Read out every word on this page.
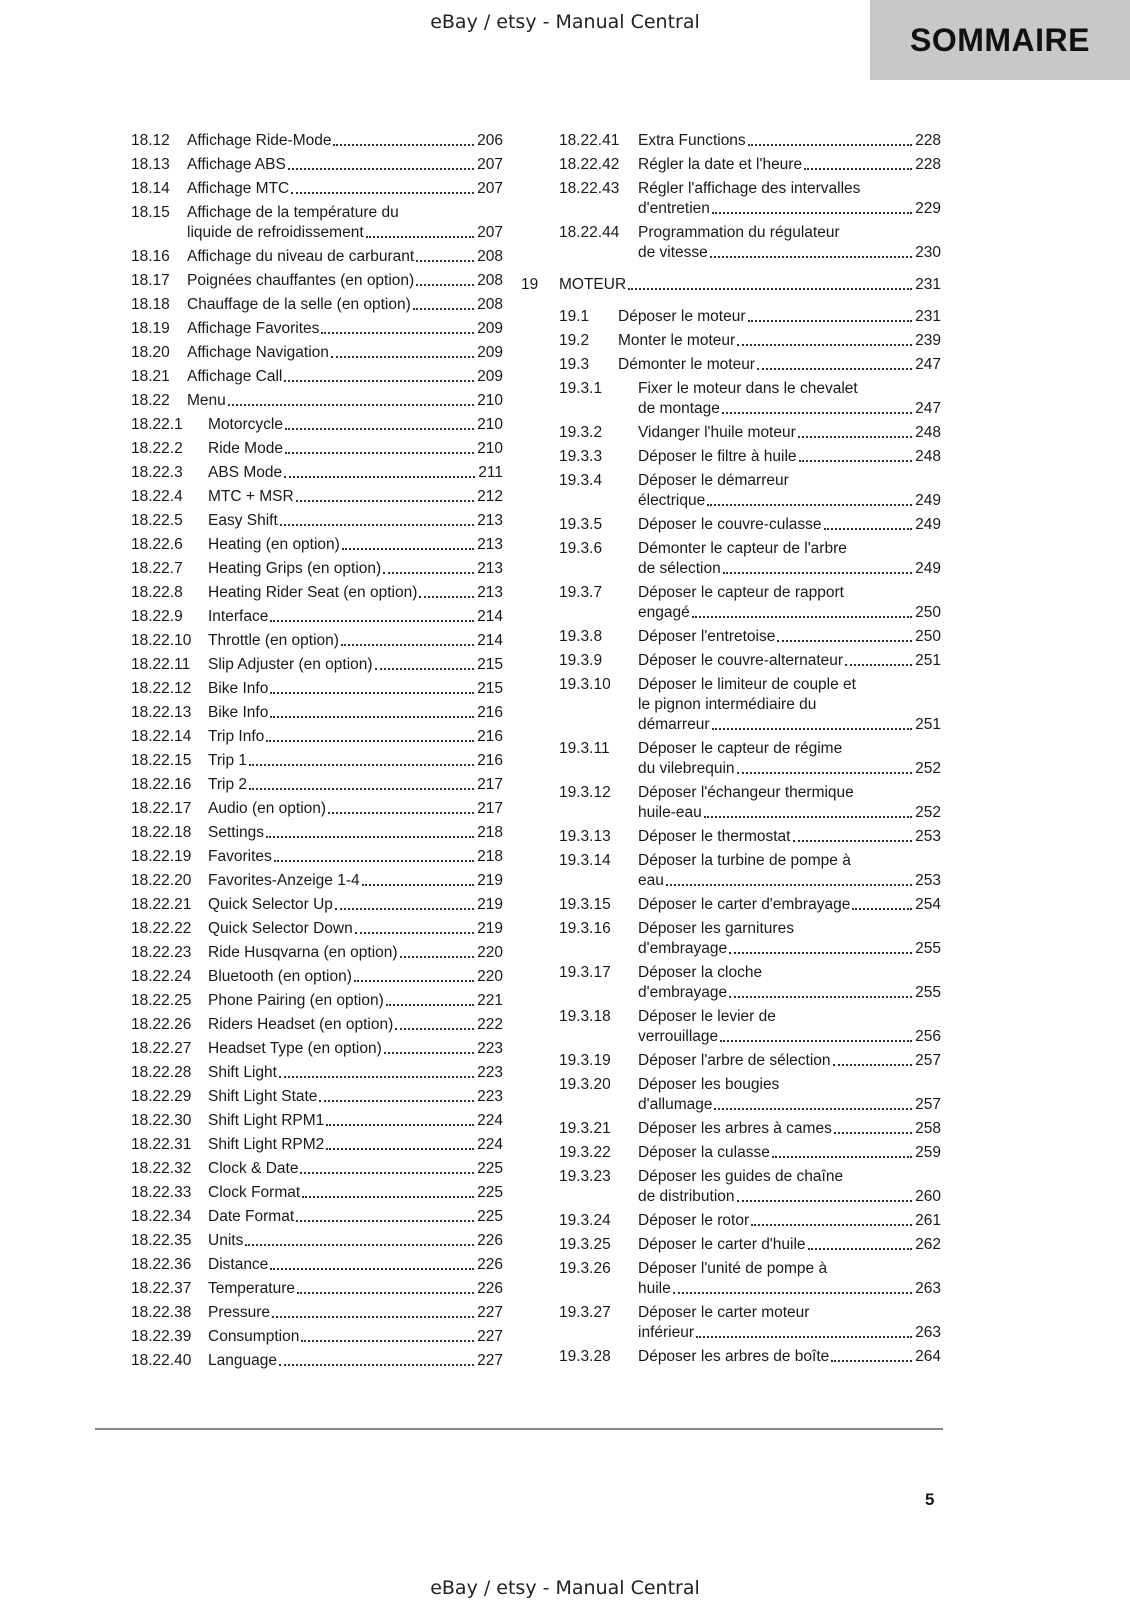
eBay / etsy - Manual Central	SOMMAIRE
18.12 Affichage Ride-Mode	206
18.13 Affichage ABS	207
18.14 Affichage MTC	207
18.15 Affichage de la température du
liquide de refroidissement	207
18.16 Affichage du niveau de carburant	208
18.17 Poignées chauffantes (en option)	208
18.18 Chauffage de la selle (en option)	208
18.19 Affichage Favorites	209
18.20 Affichage Navigation	209
18.21 Affichage Call	209
18.22 Menu	210
18.22.1 Motorcycle	210
18.22.2 Ride Mode	210
18.22.3 ABS Mode	211
18.22.4 MTC + MSR	212
18.22.5 Easy Shift	213
18.22.6 Heating (en option)	213
18.22.7 Heating Grips (en option)	213
18.22.8 Heating Rider Seat (en option)	213
18.22.9 Interface	214
18.22.10 Throttle (en option)	214
18.22.11 Slip Adjuster (en option)	215
18.22.12 Bike Info	215
18.22.13 Bike Info	216
18.22.14 Trip Info	216
18.22.15 Trip 1	216
18.22.16 Trip 2	217
18.22.17 Audio (en option)	217
18.22.18 Settings	218
18.22.19 Favorites	218
18.22.20 Favorites-Anzeige 1-4	219
18.22.21 Quick Selector Up	219
18.22.22 Quick Selector Down	219
18.22.23 Ride Husqvarna (en option)	220
18.22.24 Bluetooth (en option)	220
18.22.25 Phone Pairing (en option)	221
18.22.26 Riders Headset (en option)	222
18.22.27 Headset Type (en option)	223
18.22.28 Shift Light	223
18.22.29 Shift Light State	223
18.22.30 Shift Light RPM1	224
18.22.31 Shift Light RPM2	224
18.22.32 Clock & Date	225
18.22.33 Clock Format	225
18.22.34 Date Format	225
18.22.35 Units	226
18.22.36 Distance	226
18.22.37 Temperature	226
18.22.38 Pressure	227
18.22.39 Consumption	227
18.22.40 Language	227
18.22.41 Extra Functions	228
18.22.42 Régler la date et l'heure	228
18.22.43 Régler l'affichage des intervalles
d'entretien	229
18.22.44 Programmation du régulateur
de vitesse	230
19 MOTEUR	231
19.1 Déposer le moteur	231
19.2 Monter le moteur	239
19.3 Démonter le moteur	247
19.3.1 Fixer le moteur dans le chevalet
de montage	247
19.3.2 Vidanger l'huile moteur	248
19.3.3 Déposer le filtre à huile	248
19.3.4 Déposer le démarreur
électrique	249
19.3.5 Déposer le couvre-culasse	249
19.3.6 Démonter le capteur de l'arbre
de sélection	249
19.3.7 Déposer le capteur de rapport
engagé	250
19.3.8 Déposer l'entretoise	250
19.3.9 Déposer le couvre-alternateur	251
19.3.10 Déposer le limiteur de couple et
le pignon intermédiaire du
démarreur	251
19.3.11 Déposer le capteur de régime
du vilebrequin	252
19.3.12 Déposer l'échangeur thermique
huile-eau	252
19.3.13 Déposer le thermostat	253
19.3.14 Déposer la turbine de pompe à
eau	253
19.3.15 Déposer le carter d'embrayage	254
19.3.16 Déposer les garnitures
d'embrayage	255
19.3.17 Déposer la cloche
d'embrayage	255
19.3.18 Déposer le levier de
verrouillage	256
19.3.19 Déposer l'arbre de sélection	257
19.3.20 Déposer les bougies
d'allumage	257
19.3.21 Déposer les arbres à cames	258
19.3.22 Déposer la culasse	259
19.3.23 Déposer les guides de chaîne
de distribution	260
19.3.24 Déposer le rotor	261
19.3.25 Déposer le carter d'huile	262
19.3.26 Déposer l'unité de pompe à
huile	263
19.3.27 Déposer le carter moteur
inférieur	263
19.3.28 Déposer les arbres de boîte	264
5
eBay / etsy - Manual Central
